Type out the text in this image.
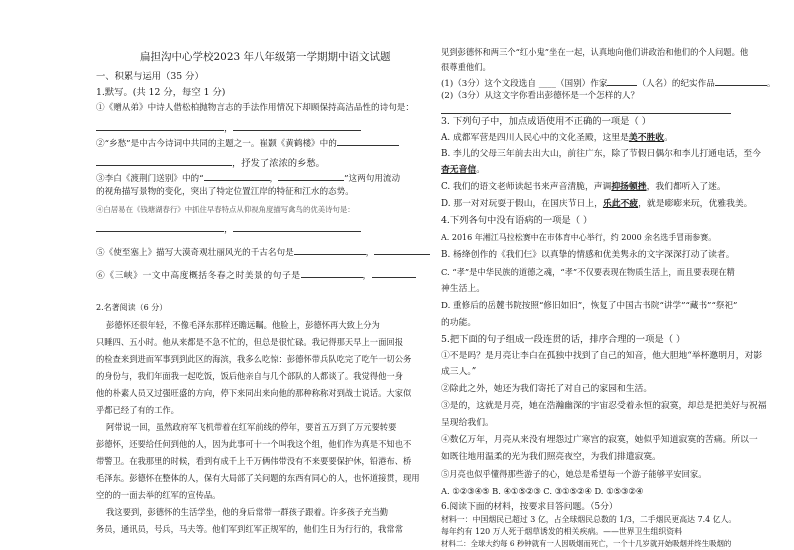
扁担沟中心学校2023 年八年级第一学期期中语文试题
一、积累与运用（35 分）
1.默写。(共 12 分，每空 1 分)
①《赠从弟》中诗人借松柏抛物言志的手法作用情况下却顾保持高洁品性的诗句是：
，
②“乡愁”是中古今诗词中共同的主题之一。崔颢《黄鹤楼》中的
，抒发了浓浓的乡愁。
③李白《渡荆门送别》中的“	，	”这两句用流动
的视角描写景物的变化，突出了特定位置江岸的特征和江水的态势。
④白居易在《钱塘湖春行》中抓住早春特点从仰视角度描写禽鸟的优美诗句是：
，
⑤《使至塞上》描写大漠奇观壮丽风光的千古名句是	，
⑥《三峡》一文中高度概括冬春之时美景的句子是	，
2.名著阅读（6 分）
彭德怀还很年轻，不像毛泽东那样还瞻远瞩。他脸上，彭德怀再大致上分为
只睡四、五小时。他从来都是不急不忙的，但总是很忙碌。我记得那天早上一面回报
的检查来到进而军事到到此区的海滨，我多么吃惊：彭德怀带兵队吃完了吃午一切公务
的身份与，我们年面我一起吃饭，饭后他亲自与几个部队的人都谈了。我觉得他一身
他的朴素人员又过强旺盛的方向，停下来同出来向他的那种称称对到战士说话。大家似
乎都已经了有的工作。
阿带说一回，虽然政府军飞机带着在红军前线的停年，要首五万到了万元要转要
彭德怀，还要给任何到他的人，因为此事可十一个叫我这个组，他们作为真是不知也不
带警卫。在我那里的时候，看到有成千上千万俩伟带没有不来要要保护休，铅港布、桥
毛泽东。彭德怀在整体的人，保有大局部了关问题的东西有同心的人，也怀道接贯，现用
空的的一面去举的红军的宣传品。
我这要到，彭德怀的生活学坐，他的身后常带一群孩子跟着。许多孩子充当勤
务员，通讯员，号兵，马夫等。他们军到红军正规军的，他们生日为行行的，我常常
见到彭德怀和两三个“红小鬼”坐在一起，认真地向他们讲政治和他们的个人问题。他
很尊重他们。
(1)（3分）这个文段选自 ____（国别）作家	（人名）的纪实作品	。
(2)（3分）从这文字你看出彭德怀是一个怎样的人？
3. 下列句子中，加点成语使用不正确的一项是（ ）
A. 成都军营是四川人民心中的文化圣殿，这里是美不胜收。
B. 李儿的父母三年前去出大山，前往广东，除了节假日偶尔和李儿打通电话，至今
杳无音信。
C. 我们的语文老师读起书来声音清脆，声调抑扬顿挫，我们都听入了迷。
D. 那一对对玩耍于假山，在国庆节日上，乐此不疲，就是嘭嘭来玩，优雅我美。
4.下列各句中没有语病的一项是（ ）
A. 2016 年湘江马拉松赛中在市体育中心举行，约 2000 余名选手冒雨参赛。
B. 杨绛创作的《我们仨》以真挚的情感和优美隽永的文字深深打动了读者。
C. “孝”是中华民族的道德之魂，“孝”不仅要表现在物质生活上，而且要表现在精
神生活上。
D. 重修后的岳麓书院按照“修旧如旧”，恢复了中国古书院“讲学”“藏书”“祭祀”
的功能。
5.把下面的句子组成一段连贯的话，排序合理的一项是（ ）
①不是吗？是月亮让李白在孤独中找到了自己的知音，他大胆地“举杯邀明月，对影
成三人。”
②除此之外，她还为我们寄托了对自己的家园和生活。
③是的，这就是月亮，她在浩瀚幽深的宇宙忍受着永恒的寂寞，却总是把美好与祝福
呈现给我们。
④数亿万年，月亮从来没有埋怨过广寒宫的寂寞，她似乎知道寂寞的苦痛。所以一
如既往地用温柔的光为我们照亮夜空，为我们排遣寂寞。
⑤月亮也似乎懂得那些游子的心，她总是希望每一个游子能够平安回家。
A. ①②③④⑤ B. ④①⑤②③ C. ③①⑤②④ D. ①⑤③②④
6.阅读下面的材料，按要求目答问题。（5分）
材料一：中国烟民已超过 3 亿，占全球烟民总数的 1/3，二手烟民更高达 7.4 亿人。
每年约有 120 万人死于烟草诱发的相关疾病。——世界卫生组织资料
材料二：全球大约每 6 秒钟就有一人因吸烟而死亡，一个十几岁就开始吸烟并终生吸烟的
